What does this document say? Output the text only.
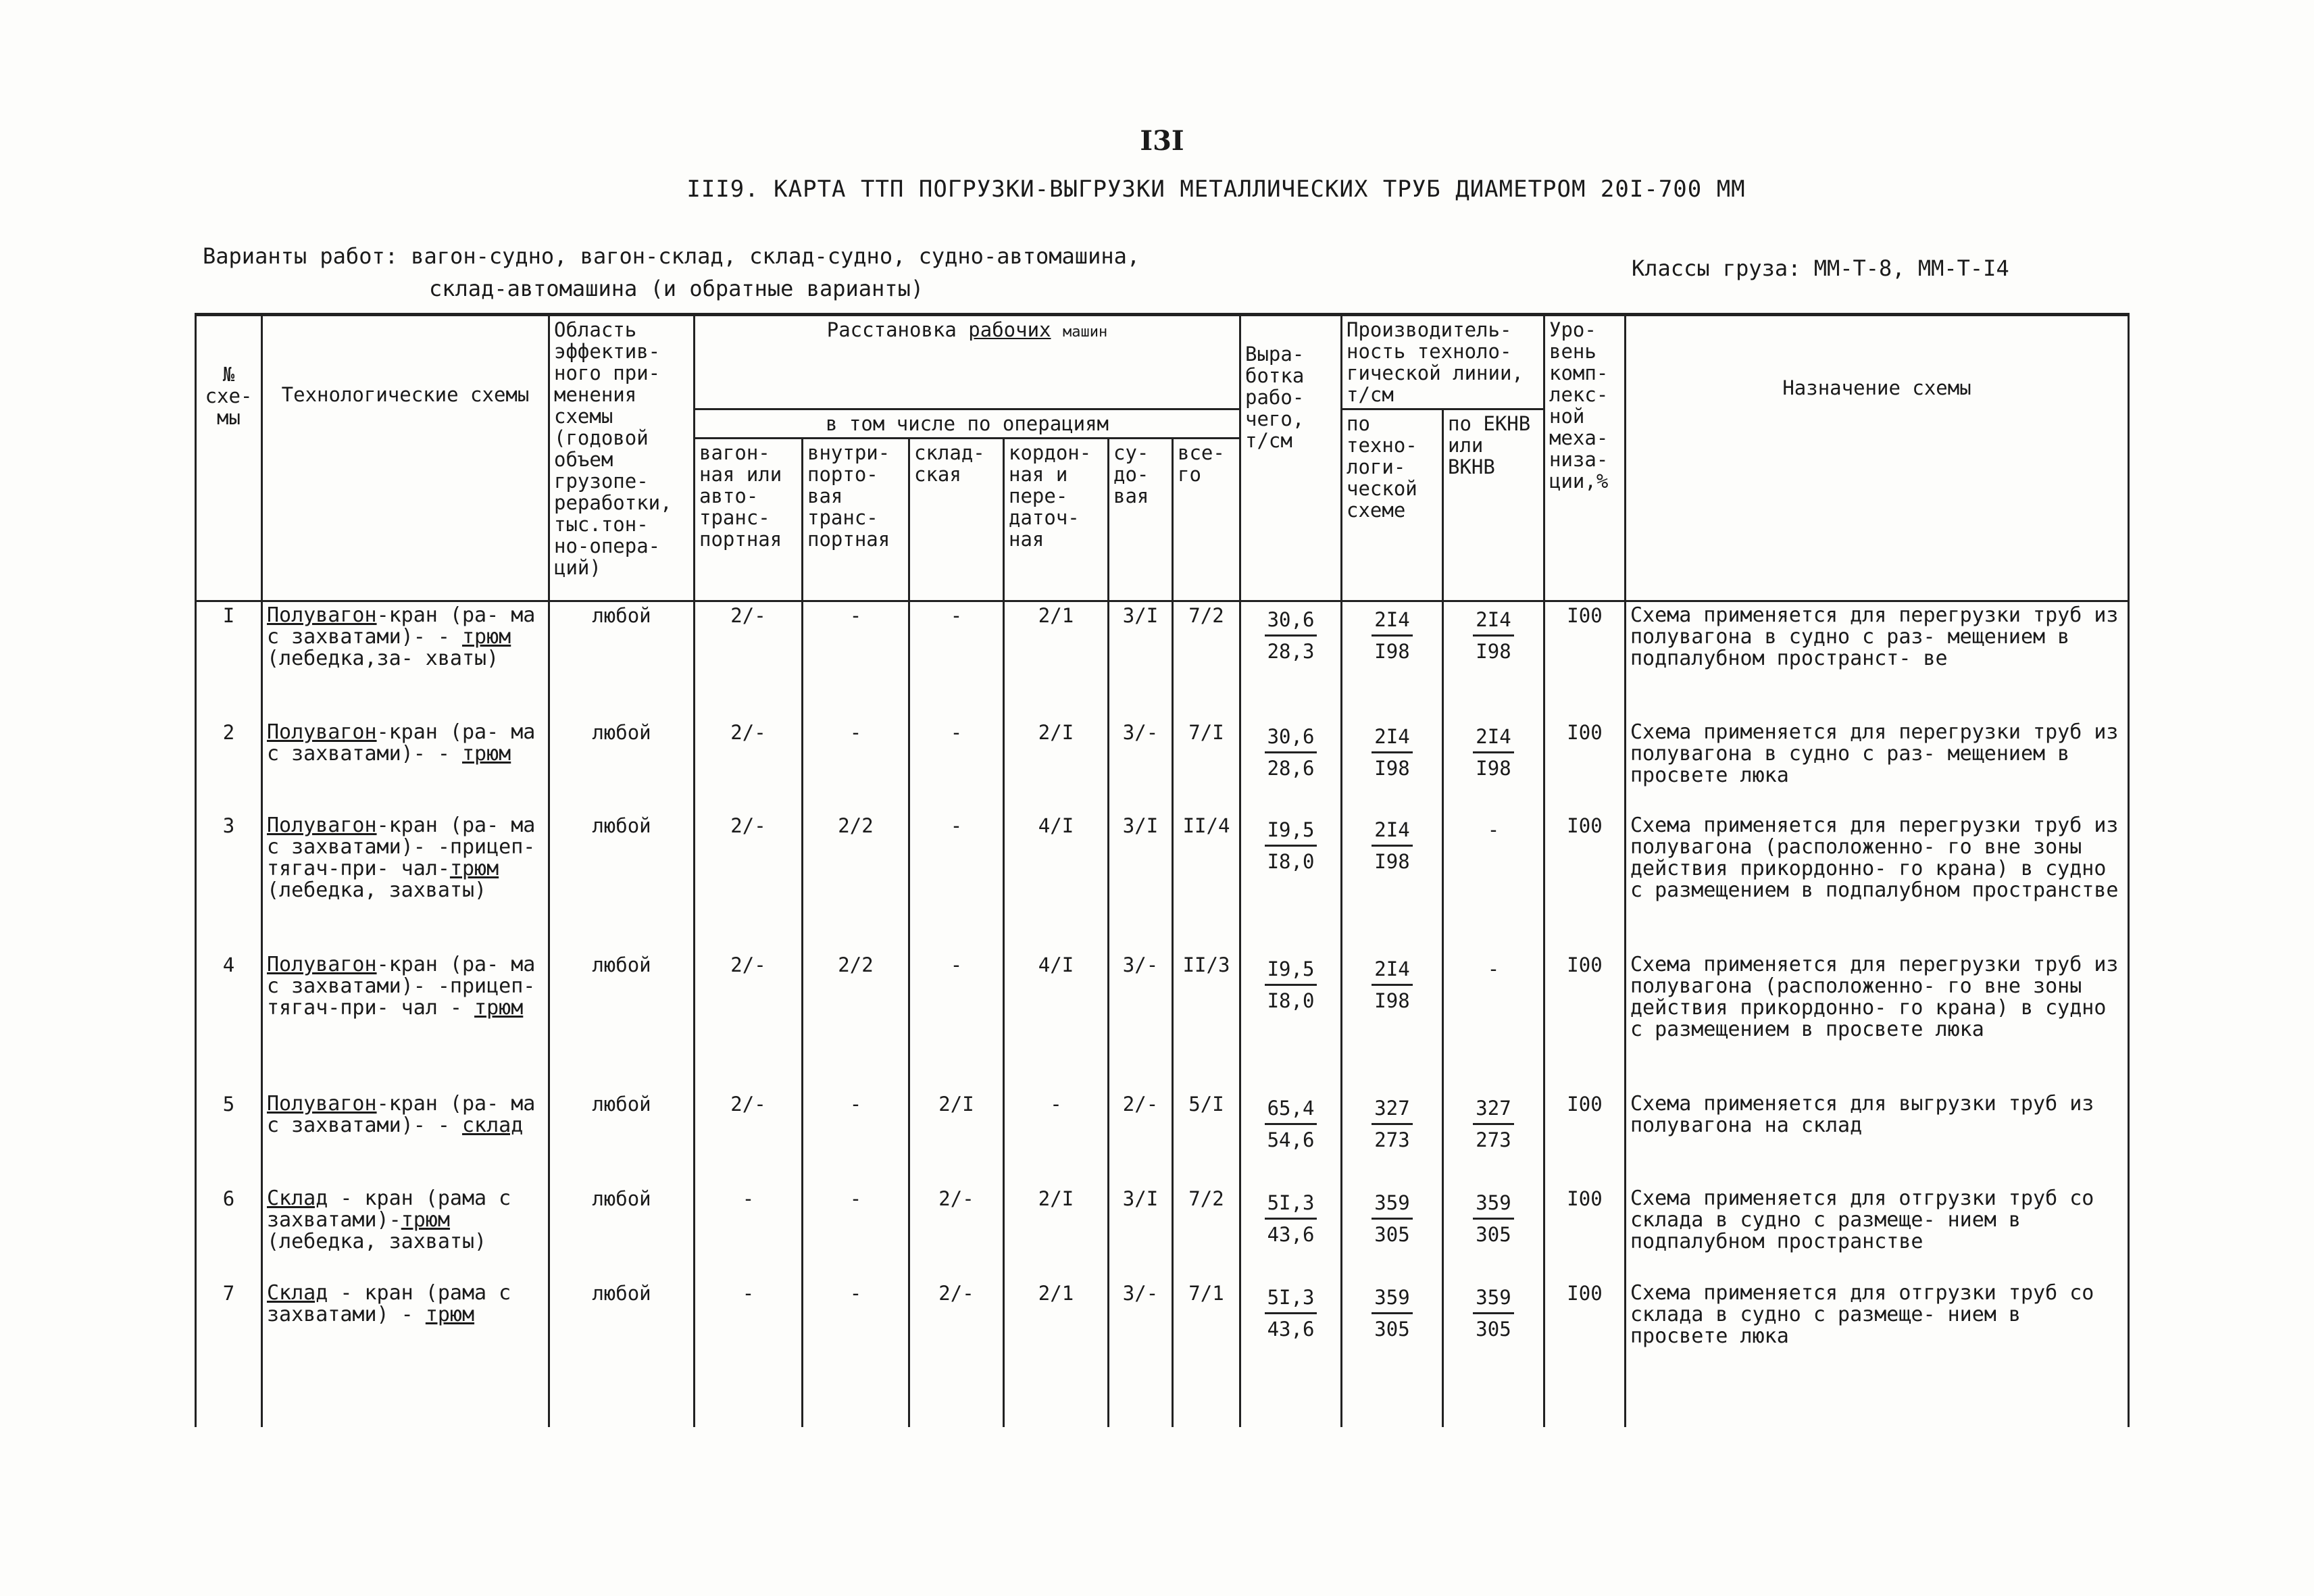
I3I
III9. КАРТА ТТП ПОГРУЗКИ-ВЫГРУЗКИ МЕТАЛЛИЧЕСКИХ ТРУБ ДИАМЕТРОМ 20I-700 ММ
Варианты работ: вагон-судно, вагон-склад, склад-судно, судно-автомашина,
склад-автомашина (и обратные варианты)
Классы груза: ММ-Т-8, ММ-Т-I4
№ схе- мы	Технологические схемы	Область эффектив- ного при- менения схемы (годовой объем грузопе- реработки, тыс.тон- но-опера- ций)	Расстановка рабочих машин						Выра- ботка рабо- чего, т/см	Производитель- ность техноло- гической линии, т/см		Уро- вень комп- лекс- ной меха- низа- ции,%	Назначение схемы
			в том числе по операциям							по техно- логи- ческой схеме	по ЕКНВ или ВКНВ		
			вагон- ная или авто- транс- портная	внутри- порто- вая транс- портная	склад- ская	кордон- ная и пере- даточ- ная	су- до- вая	все- го					
I	Полувагон-кран (ра- ма с захватами)- - трюм (лебедка,за- хваты)	любой	2/-	-	-	2/1	3/I	7/2	$\frac{30,6}{28,3}$	$\frac{2I4}{I98}$	$\frac{2I4}{I98}$	I00	Схема применяется для перегрузки труб из полувагона в судно с раз- мещением в подпалубном пространст- ве
2	Полувагон-кран (ра- ма с захватами)- - трюм	любой	2/-	-	-	2/I	3/-	7/I	$\frac{30,6}{28,6}$	$\frac{2I4}{I98}$	$\frac{2I4}{I98}$	I00	Схема применяется для перегрузки труб из полувагона в судно с раз- мещением в просвете люка
3	Полувагон-кран (ра- ма с захватами)- -прицеп-тягач-при- чал-трюм (лебедка, захваты)	любой	2/-	2/2	-	4/I	3/I	II/4	$\frac{I9,5}{I8,0}$	$\frac{2I4}{I98}$	-	I00	Схема применяется для перегрузки труб из полувагона (расположенно- го вне зоны действия прикордонно- го крана) в судно с размещением в подпалубном пространстве
4	Полувагон-кран (ра- ма с захватами)- -прицеп-тягач-при- чал - трюм	любой	2/-	2/2	-	4/I	3/-	II/3	$\frac{I9,5}{I8,0}$	$\frac{2I4}{I98}$	-	I00	Схема применяется для перегрузки труб из полувагона (расположенно- го вне зоны действия прикордонно- го крана) в судно с размещением в просвете люка
5	Полувагон-кран (ра- ма с захватами)- - склад	любой	2/-	-	2/I	-	2/-	5/I	$\frac{65,4}{54,6}$	$\frac{327}{273}$	$\frac{327}{273}$	I00	Схема применяется для выгрузки труб из полувагона на склад
6	Склад - кран (рама с захватами)-трюм (лебедка, захваты)	любой	-	-	2/-	2/I	3/I	7/2	$\frac{5I,3}{43,6}$	$\frac{359}{305}$	$\frac{359}{305}$	I00	Схема применяется для отгрузки труб со склада в судно с размеще- нием в подпалубном пространстве
7	Склад - кран (рама с захватами) - трюм	любой	-	-	2/-	2/1	3/-	7/1	$\frac{5I,3}{43,6}$	$\frac{359}{305}$	$\frac{359}{305}$	I00	Схема применяется для отгрузки труб со склада в судно с размеще- нием в просвете люка
